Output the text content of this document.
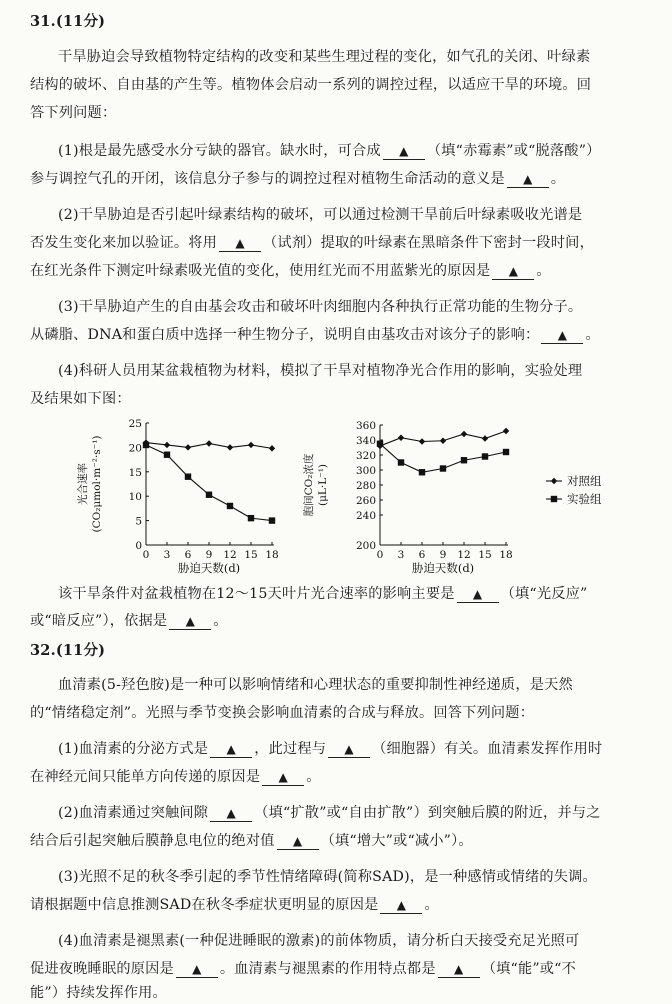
31.(11分)
干旱胁迫会导致植物特定结构的改变和某些生理过程的变化，如气孔的关闭、叶绿素
结构的破坏、自由基的产生等。植物体会启动一系列的调控过程，以适应干旱的环境。回
答下列问题：
(1)根是最先感受水分亏缺的器官。缺水时，可合成 ▲ （填“赤霉素”或“脱落酸”）
参与调控气孔的开闭，该信息分子参与的调控过程对植物生命活动的意义是 ▲ 。
(2)干旱胁迫是否引起叶绿素结构的破坏，可以通过检测干旱前后叶绿素吸收光谱是
否发生变化来加以验证。将用 ▲ （试剂）提取的叶绿素在黑暗条件下密封一段时间，
在红光条件下测定叶绿素吸光值的变化，使用红光而不用蓝紫光的原因是 ▲ 。
(3)干旱胁迫产生的自由基会攻击和破坏叶肉细胞内各种执行正常功能的生物分子。
从磷脂、DNA和蛋白质中选择一种生物分子，说明自由基攻击对该分子的影响： ▲ 。
(4)科研人员用某盆栽植物为材料，模拟了干旱对植物净光合作用的影响，实验处理
及结果如下图：
0
5
10
15
20
25
0 3 6 9 12 15 18
胁迫天数(d)
光合速率 (CO₂μmol·m⁻²·s⁻¹)
200
240
260
280
300
320
340
360
0 3 6 9 12 15 18
胁迫天数(d)
胞间CO₂浓度 (μL·L⁻¹)	对照组
实验组
该干旱条件对盆栽植物在12～15天叶片光合速率的影响主要是 ▲ （填“光反应”
或“暗反应”），依据是 ▲ 。
32.(11分)
血清素(5-羟色胺)是一种可以影响情绪和心理状态的重要抑制性神经递质，是天然
的“情绪稳定剂”。光照与季节变换会影响血清素的合成与释放。回答下列问题：
(1)血清素的分泌方式是 ▲ ，此过程与 ▲ （细胞器）有关。血清素发挥作用时
在神经元间只能单方向传递的原因是 ▲ 。
(2)血清素通过突触间隙 ▲ （填“扩散”或“自由扩散”）到突触后膜的附近，并与之
结合后引起突触后膜静息电位的绝对值 ▲ （填“增大”或“减小”）。
(3)光照不足的秋冬季引起的季节性情绪障碍(简称SAD)，是一种感情或情绪的失调。
请根据题中信息推测SAD在秋冬季症状更明显的原因是 ▲ 。
(4)血清素是褪黑素(一种促进睡眠的激素)的前体物质，请分析白天接受充足光照可
促进夜晚睡眠的原因是 ▲ 。血清素与褪黑素的作用特点都是 ▲ （填“能”或“不
能”）持续发挥作用。
